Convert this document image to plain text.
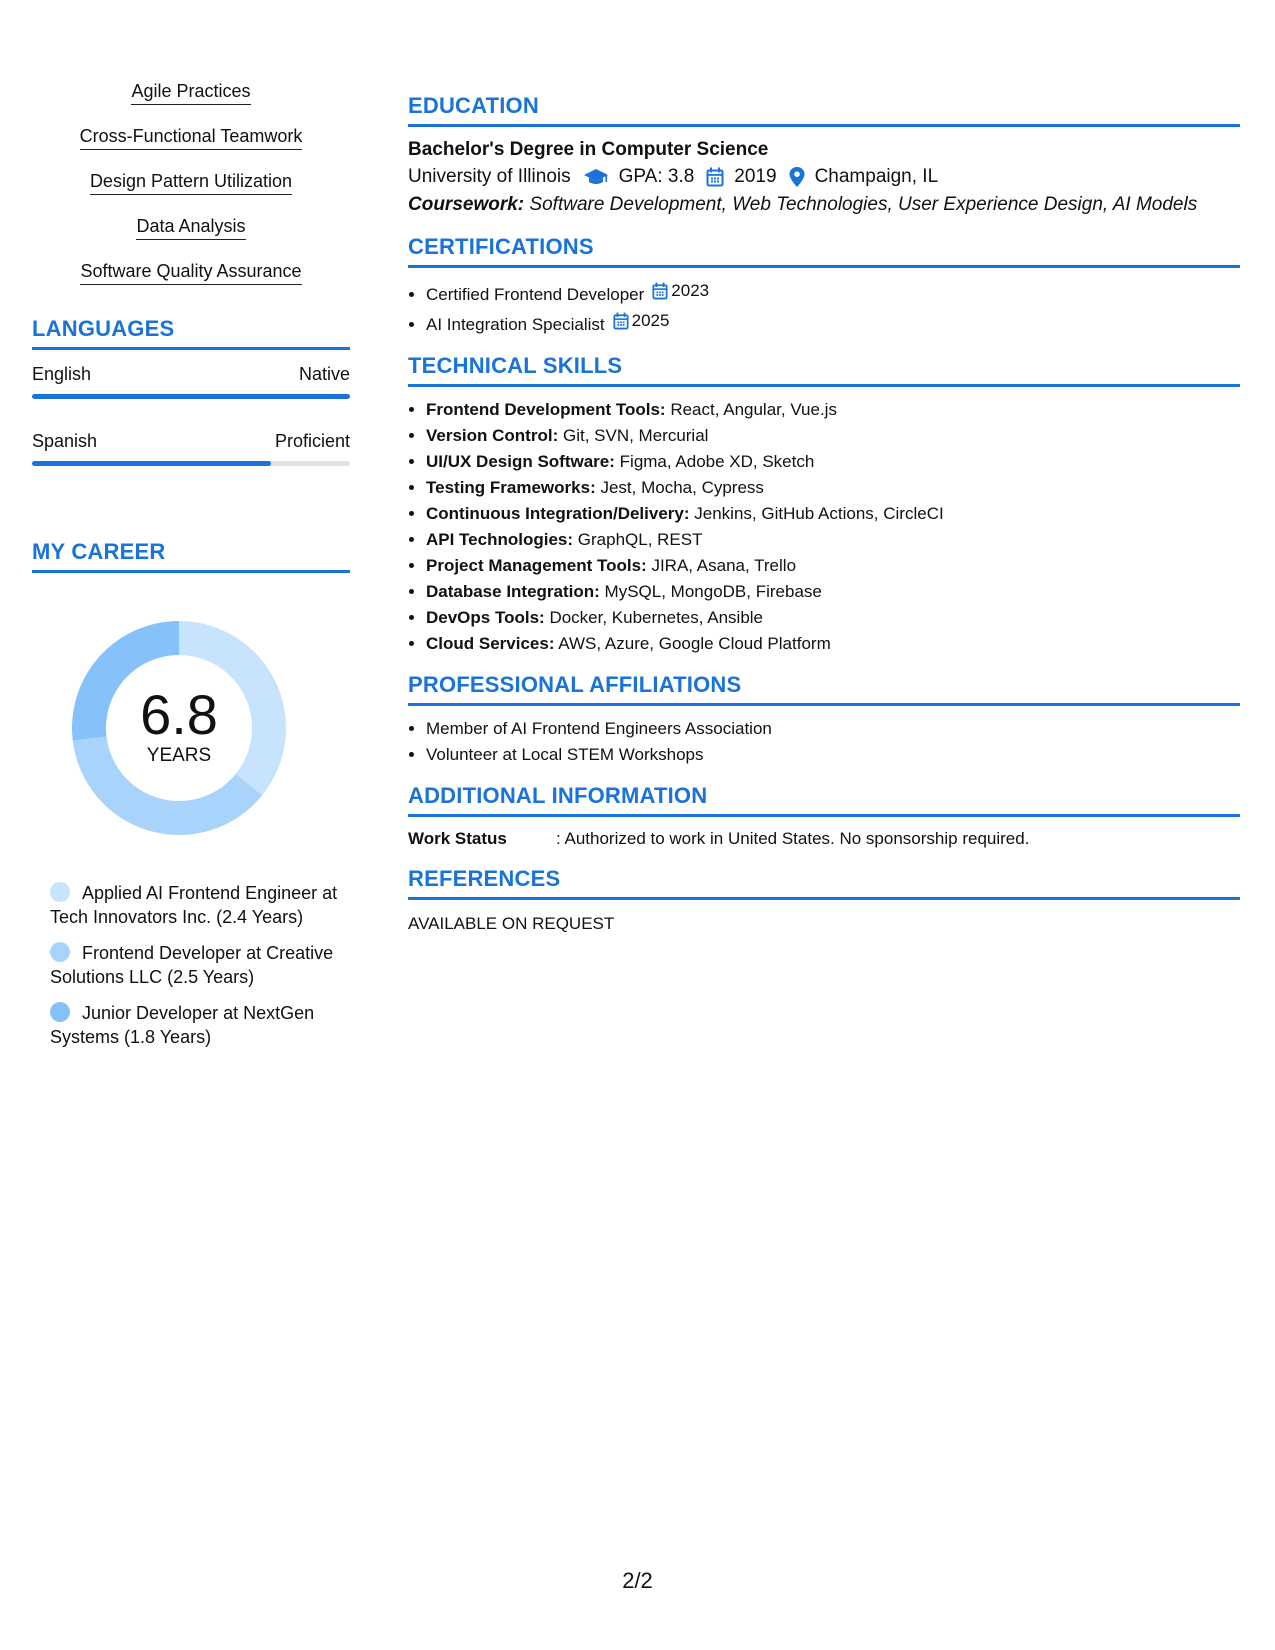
Agile Practices
Cross-Functional Teamwork
Design Pattern Utilization
Data Analysis
Software Quality Assurance
LANGUAGES
English	Native
Spanish	Proficient
MY CAREER
6.8
YEARS
Applied AI Frontend Engineer at Tech Innovators Inc. (2.4 Years)
Frontend Developer at Creative Solutions LLC (2.5 Years)
Junior Developer at NextGen Systems (1.8 Years)
EDUCATION
Bachelor's Degree in Computer Science
University of Illinois	GPA: 3.8 2019 Champaign, IL
Coursework: Software Development, Web Technologies, User Experience Design, AI Models
CERTIFICATIONS
• Certified Frontend Developer 2023
• AI Integration Specialist 2025
TECHNICAL SKILLS
• Frontend Development Tools: React, Angular, Vue.js
• Version Control: Git, SVN, Mercurial
• UI/UX Design Software: Figma, Adobe XD, Sketch
• Testing Frameworks: Jest, Mocha, Cypress
• Continuous Integration/Delivery: Jenkins, GitHub Actions, CircleCI
• API Technologies: GraphQL, REST
• Project Management Tools: JIRA, Asana, Trello
• Database Integration: MySQL, MongoDB, Firebase
• DevOps Tools: Docker, Kubernetes, Ansible
• Cloud Services: AWS, Azure, Google Cloud Platform
PROFESSIONAL AFFILIATIONS
• Member of AI Frontend Engineers Association
• Volunteer at Local STEM Workshops
ADDITIONAL INFORMATION
Work Status	: Authorized to work in United States. No sponsorship required.
REFERENCES
AVAILABLE ON REQUEST
2/2
